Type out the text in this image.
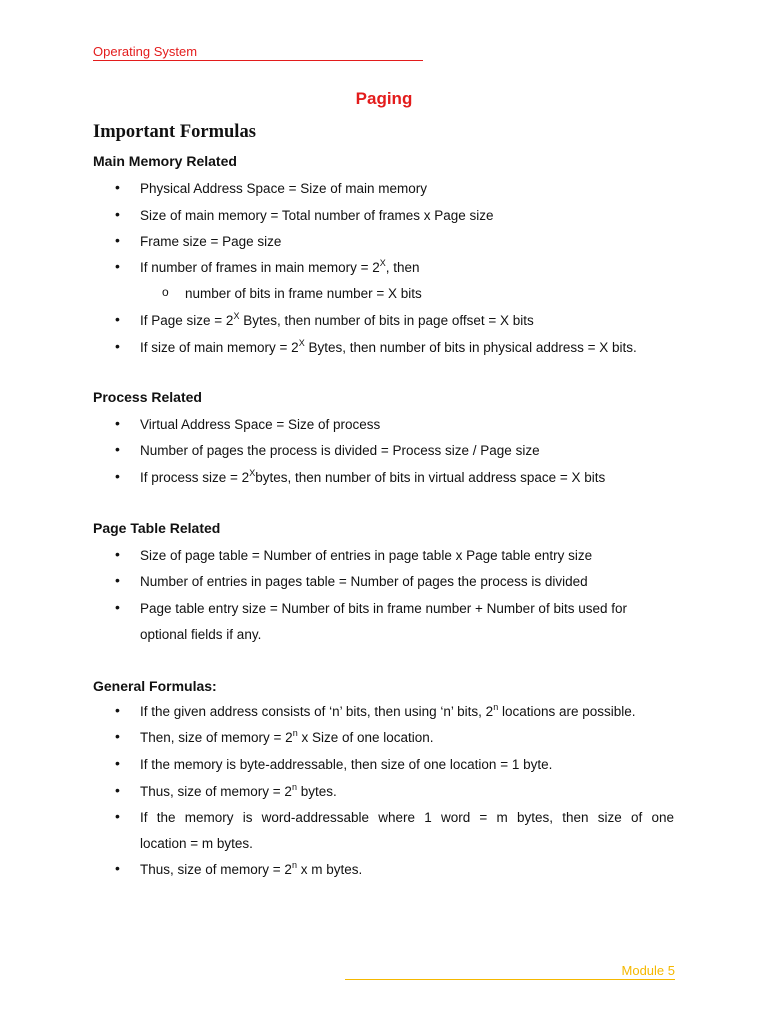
Operating System
Paging
Important Formulas
Main Memory Related
• Physical Address Space = Size of main memory
• Size of main memory = Total number of frames x Page size
• Frame size = Page size
• If number of frames in main memory = $2^X$, then
o number of bits in frame number = X bits
• If Page size = $2^X$ Bytes, then number of bits in page offset = X bits
• If size of main memory = $2^X$ Bytes, then number of bits in physical address = X bits.
Process Related
• Virtual Address Space = Size of process
• Number of pages the process is divided = Process size / Page size
• If process size = $2^Xbytes$, then number of bits in virtual address space = X bits
Page Table Related
• Size of page table = Number of entries in page table x Page table entry size
• Number of entries in pages table = Number of pages the process is divided
• Page table entry size = Number of bits in frame number + Number of bits used for
optional fields if any.
General Formulas:
• If the given address consists of ‘n’ bits, then using ‘n’ bits, 2$^n$ locations are possible.
• Then, size of memory = $2^n$ x Size of one location.
• If the memory is byte-addressable, then size of one location = 1 byte.
• Thus, size of memory = $2^n$ bytes.
• If the memory is word-addressable where 1 word = m bytes, then size of one
location = m bytes.
• Thus, size of memory = $2^n$ x m bytes.
Module 5
